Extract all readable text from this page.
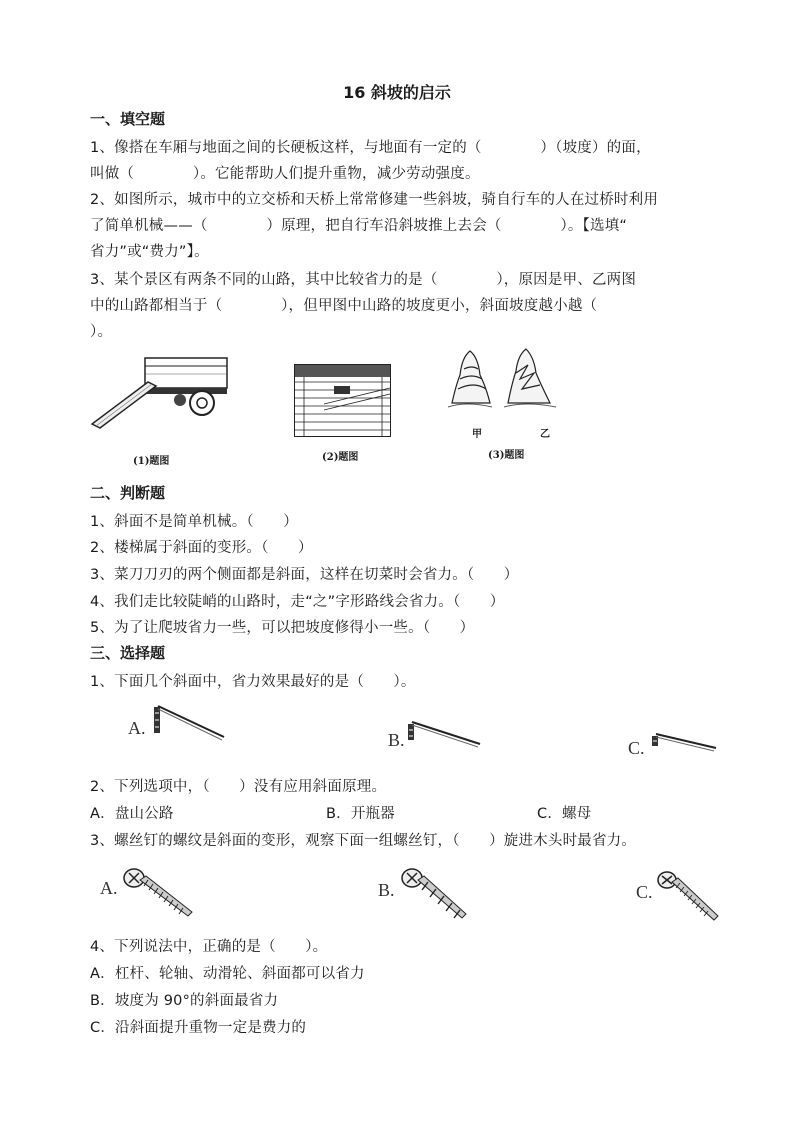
16 斜坡的启示
一、填空题
1、像搭在车厢与地面之间的长硬板这样，与地面有一定的（　　　　）（坡度）的面，
叫做（　　　　）。它能帮助人们提升重物，减少劳动强度。
2、如图所示，城市中的立交桥和天桥上常常修建一些斜坡，骑自行车的人在过桥时利用
了简单机械——（　　　　）原理，把自行车沿斜坡推上去会（　　　　）。【选填“
省力”或“费力”】。
3、某个景区有两条不同的山路，其中比较省力的是（　　　　），原因是甲、乙两图
中的山路都相当于（　　　　），但甲图中山路的坡度更小，斜面坡度越小越（
）。
(1)题图	(2)题图
甲	乙
(3)题图
二、判断题
1、斜面不是简单机械。（　　）
2、楼梯属于斜面的变形。（　　）
3、菜刀刀刃的两个侧面都是斜面，这样在切菜时会省力。（　　）
4、我们走比较陡峭的山路时，走“之”字形路线会省力。（　　）
5、为了让爬坡省力一些，可以把坡度修得小一些。（　　）
三、选择题
1、下面几个斜面中，省力效果最好的是（　　）。
A.
B.	C.
2、下列选项中，（　　）没有应用斜面原理。
A．盘山公路	B．开瓶器	C．螺母
3、螺丝钉的螺纹是斜面的变形，观察下面一组螺丝钉，（　　）旋进木头时最省力。
A.	B.	C.
4、下列说法中，正确的是（　　）。
A．杠杆、轮轴、动滑轮、斜面都可以省力
B．坡度为 90°的斜面最省力
C．沿斜面提升重物一定是费力的
